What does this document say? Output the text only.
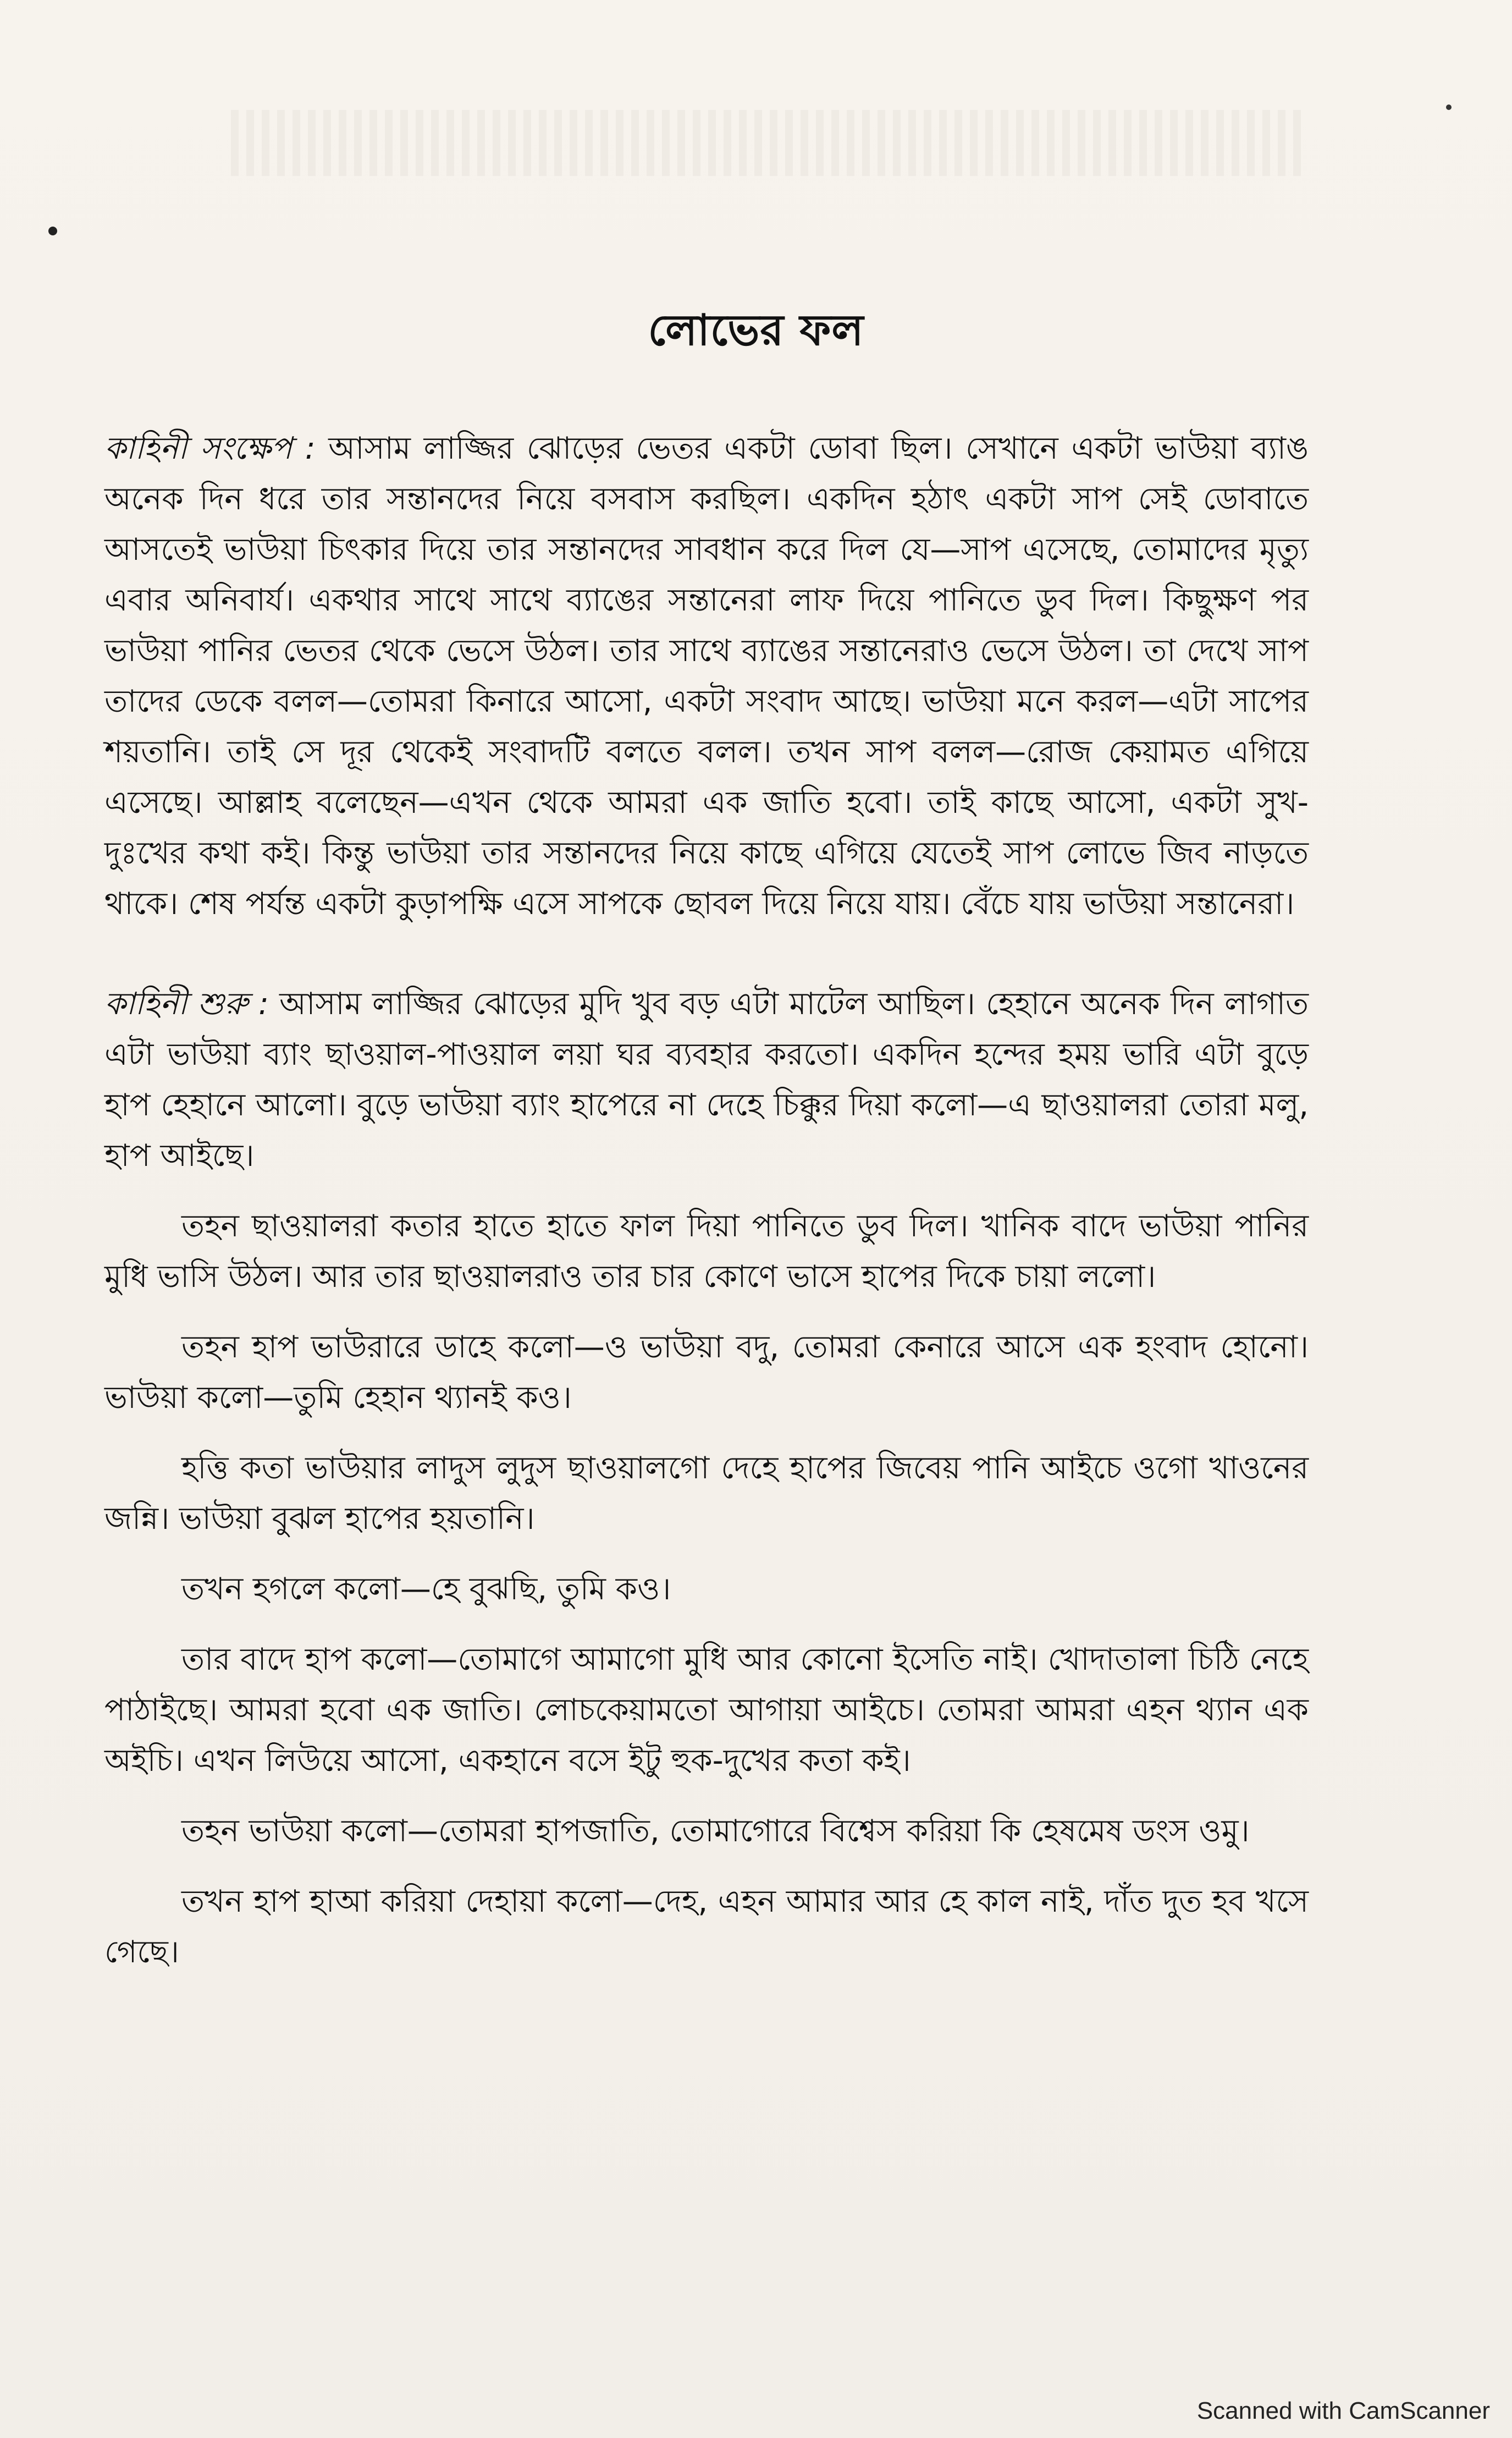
লোভের ফল

কাহিনী সংক্ষেপ : আসাম লাজ্জির ঝোড়ের ভেতর একটা ডোবা ছিল। সেখানে একটা ভাউয়া ব্যাঙ অনেক দিন ধরে তার সন্তানদের নিয়ে বসবাস করছিল। একদিন হঠাৎ একটা সাপ সেই ডোবাতে আসতেই ভাউয়া চিৎকার দিয়ে তার সন্তানদের সাবধান করে দিল যে—সাপ এসেছে, তোমাদের মৃত্যু এবার অনিবার্য। একথার সাথে সাথে ব্যাঙের সন্তানেরা লাফ দিয়ে পানিতে ডুব দিল। কিছুক্ষণ পর ভাউয়া পানির ভেতর থেকে ভেসে উঠল। তার সাথে ব্যাঙের সন্তানেরাও ভেসে উঠল। তা দেখে সাপ তাদের ডেকে বলল—তোমরা কিনারে আসো, একটা সংবাদ আছে। ভাউয়া মনে করল—এটা সাপের শয়তানি। তাই সে দূর থেকেই সংবাদটি বলতে বলল। তখন সাপ বলল—রোজ কেয়ামত এগিয়ে এসেছে। আল্লাহ বলেছেন—এখন থেকে আমরা এক জাতি হবো। তাই কাছে আসো, একটা সুখ-দুঃখের কথা কই। কিন্তু ভাউয়া তার সন্তানদের নিয়ে কাছে এগিয়ে যেতেই সাপ লোভে জিব নাড়তে থাকে। শেষ পর্যন্ত একটা কুড়াপক্ষি এসে সাপকে ছোবল দিয়ে নিয়ে যায়। বেঁচে যায় ভাউয়া সন্তানেরা।

কাহিনী শুরু : আসাম লাজ্জির ঝোড়ের মুদি খুব বড় এটা মাটেল আছিল। হেহানে অনেক দিন লাগাত এটা ভাউয়া ব্যাং ছাওয়াল-পাওয়াল লয়া ঘর ব্যবহার করতো। একদিন হন্দের হময় ভারি এটা বুড়ে হাপ হেহানে আলো। বুড়ে ভাউয়া ব্যাং হাপেরে না দেহে চিক্কুর দিয়া কলো—এ ছাওয়ালরা তোরা মলু, হাপ আইছে।

তহন ছাওয়ালরা কতার হাতে হাতে ফাল দিয়া পানিতে ডুব দিল। খানিক বাদে ভাউয়া পানির মুধি ভাসি উঠল। আর তার ছাওয়ালরাও তার চার কোণে ভাসে হাপের দিকে চায়া ললো।

তহন হাপ ভাউরারে ডাহে কলো—ও ভাউয়া বদু, তোমরা কেনারে আসে এক হংবাদ হোনো। ভাউয়া কলো—তুমি হেহান থ্যানই কও।

হত্তি কতা ভাউয়ার লাদুস লুদুস ছাওয়ালগো দেহে হাপের জিবেয় পানি আইচে ওগো খাওনের জন্নি। ভাউয়া বুঝল হাপের হয়তানি।

তখন হগলে কলো—হে বুঝছি, তুমি কও।

তার বাদে হাপ কলো—তোমাগে আমাগো মুধি আর কোনো ইসেতি নাই। খোদাতালা চিঠি নেহে পাঠাইছে। আমরা হবো এক জাতি। লোচকেয়ামতো আগায়া আইচে। তোমরা আমরা এহন থ্যান এক অইচি। এখন লিউয়ে আসো, একহানে বসে ইটু হুক-দুখের কতা কই।

তহন ভাউয়া কলো—তোমরা হাপজাতি, তোমাগোরে বিশ্বেস করিয়া কি হেষমেষ ডংস ওমু।

তখন হাপ হাআ করিয়া দেহায়া কলো—দেহ, এহন আমার আর হে কাল নাই, দাঁত দুত হব খসে গেছে।

Scanned with CamScanner
